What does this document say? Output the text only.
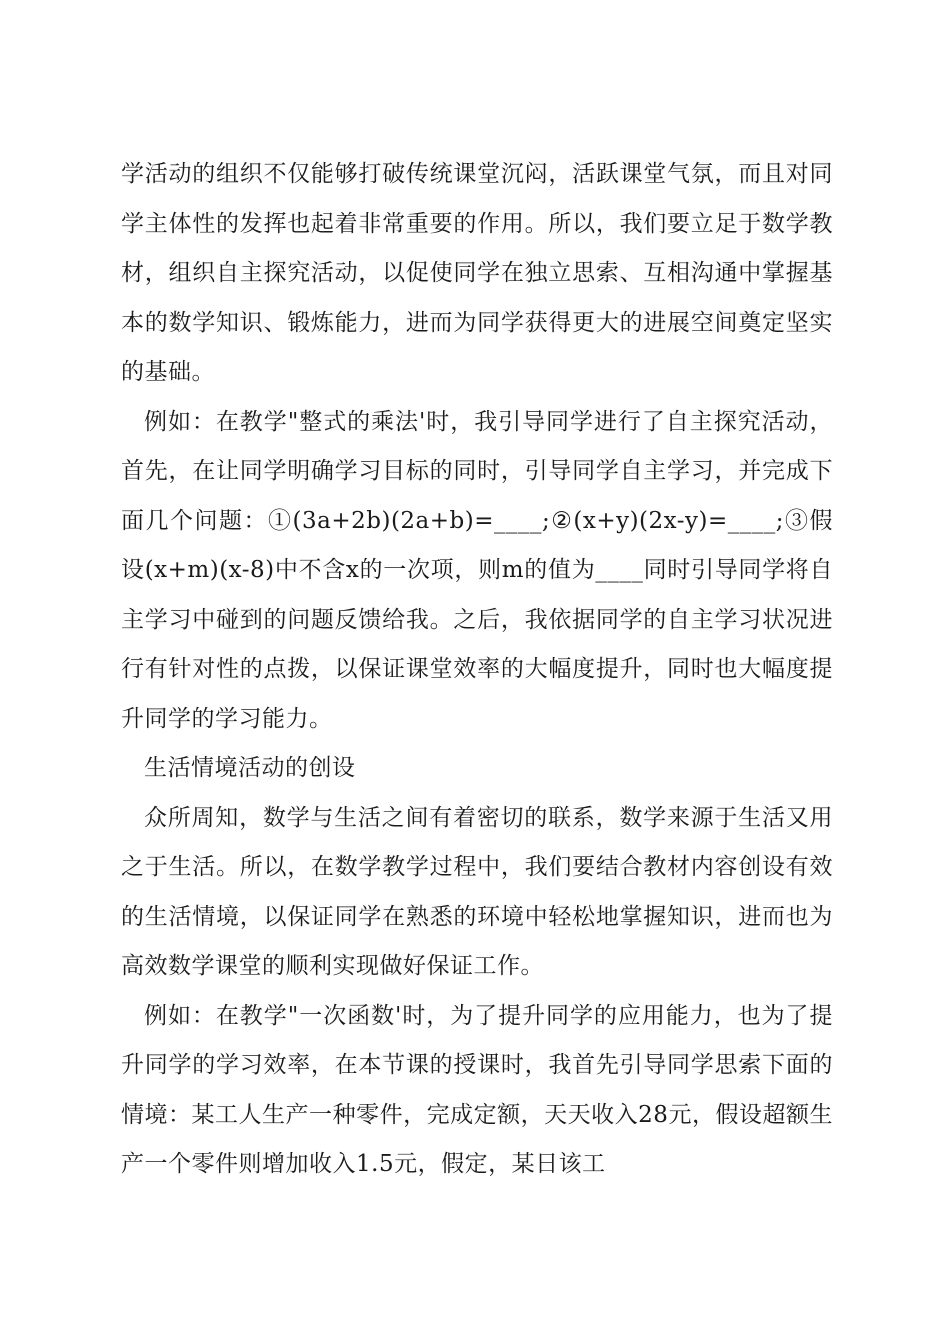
学活动的组织不仅能够打破传统课堂沉闷，活跃课堂气氛，而且对同学主体性的发挥也起着非常重要的作用。所以，我们要立足于数学教材，组织自主探究活动，以促使同学在独立思索、互相沟通中掌握基本的数学知识、锻炼能力，进而为同学获得更大的进展空间奠定坚实的基础。

例如：在教学"整式的乘法'时，我引导同学进行了自主探究活动，首先，在让同学明确学习目标的同时，引导同学自主学习，并完成下面几个问题：①(3a+2b)(2a+b)=____;②(x+y)(2x-y)=____;③假设(x+m)(x-8)中不含x的一次项，则m的值为____同时引导同学将自主学习中碰到的问题反馈给我。之后，我依据同学的自主学习状况进行有针对性的点拨，以保证课堂效率的大幅度提升，同时也大幅度提升同学的学习能力。

生活情境活动的创设

众所周知，数学与生活之间有着密切的联系，数学来源于生活又用之于生活。所以，在数学教学过程中，我们要结合教材内容创设有效的生活情境，以保证同学在熟悉的环境中轻松地掌握知识，进而也为高效数学课堂的顺利实现做好保证工作。

例如：在教学"一次函数'时，为了提升同学的应用能力，也为了提升同学的学习效率，在本节课的授课时，我首先引导同学思索下面的情境：某工人生产一种零件，完成定额，天天收入28元，假设超额生产一个零件则增加收入1.5元，假定，某日该工
